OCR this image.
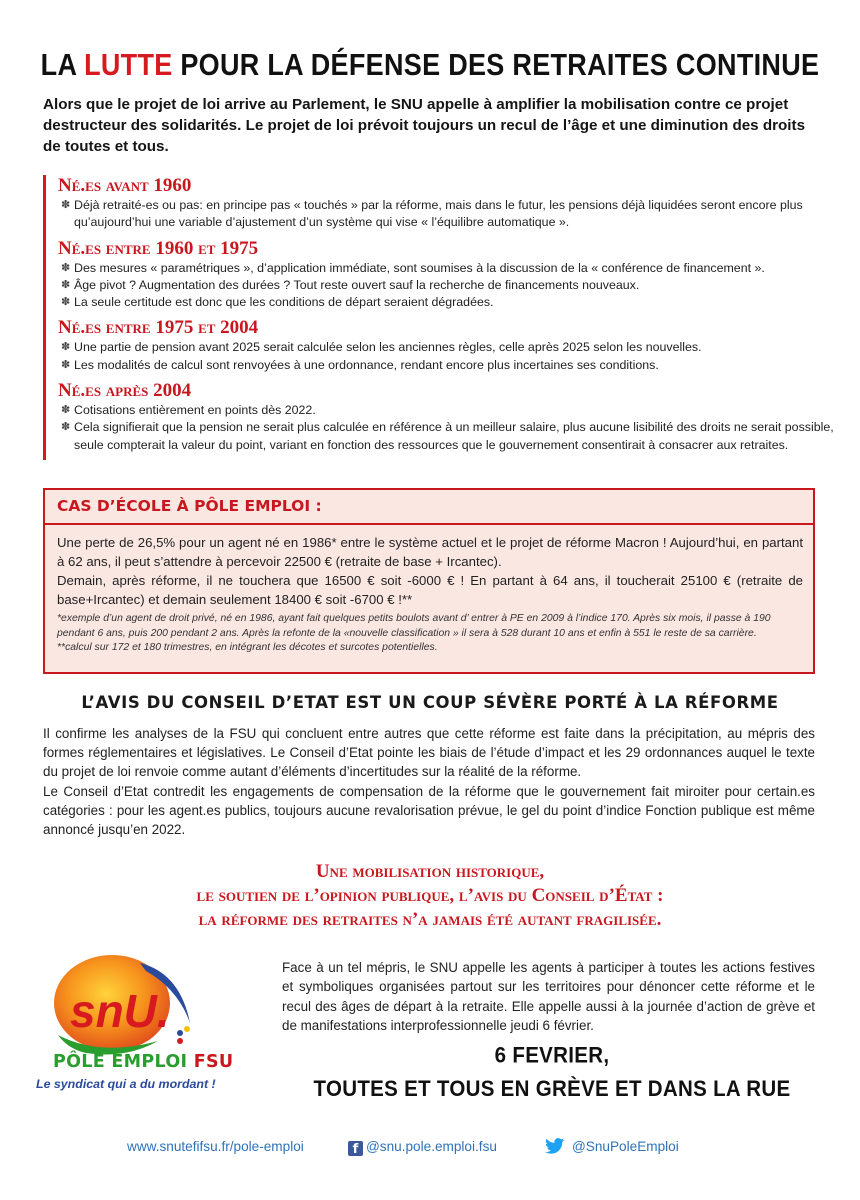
LA LUTTE POUR LA DÉFENSE DES RETRAITES CONTINUE
Alors que le projet de loi arrive au Parlement, le SNU appelle à amplifier la mobilisation contre ce projet destructeur des solidarités. Le projet de loi prévoit toujours un recul de l’âge et une diminution des droits de toutes et tous.

Né.es avant 1960

✽ Déjà retraité-es ou pas: en principe pas « touchés » par la réforme, mais dans le futur, les pensions déjà liquidées seront encore plus qu’aujourd’hui une variable d’ajustement d’un système qui vise « l’équilibre automatique ».

Né.es entre 1960 et 1975

✽ Des mesures « paramétriques », d’application immédiate, sont soumises à la discussion de la « conférence de financement ».
✽ Âge pivot ? Augmentation des durées ? Tout reste ouvert sauf la recherche de financements nouveaux.
✽ La seule certitude est donc que les conditions de départ seraient dégradées.

Né.es entre 1975 et 2004

✽ Une partie de pension avant 2025 serait calculée selon les anciennes règles, celle après 2025 selon les nouvelles.
✽ Les modalités de calcul sont renvoyées à une ordonnance, rendant encore plus incertaines ses conditions.

Né.es après 2004

✽ Cotisations entièrement en points dès 2022.
✽ Cela signifierait que la pension ne serait plus calculée en référence à un meilleur salaire, plus aucune lisibilité des droits ne serait possible, seule compterait la valeur du point, variant en fonction des ressources que le gouvernement consentirait à consacrer aux retraites.
CAS D’ÉCOLE À PÔLE EMPLOI :

Une perte de 26,5% pour un agent né en 1986* entre le système actuel et le projet de réforme Macron ! Aujourd’hui, en partant à 62 ans, il peut s’attendre à percevoir 22500 € (retraite de base + Ircantec).

Demain, après réforme, il ne touchera que 16500 € soit -6000 € ! En partant à 64 ans, il toucherait 25100 € (retraite de base+Ircantec) et demain seulement 18400 € soit -6700 € !**

*exemple d’un agent de droit privé, né en 1986, ayant fait quelques petits boulots avant d’ entrer à PE en 2009 à l’indice 170. Après six mois, il passe à 190 pendant 6 ans, puis 200 pendant 2 ans. Après la refonte de la «nouvelle classification » il sera à 528 durant 10 ans et enfin à 551 le reste de sa carrière.

**calcul sur 172 et 180 trimestres, en intégrant les décotes et surcotes potentielles.

L’AVIS DU CONSEIL D’ETAT EST UN COUP SÉVÈRE PORTÉ À LA RÉFORME

Il confirme les analyses de la FSU qui concluent entre autres que cette réforme est faite dans la précipitation, au mépris des formes réglementaires et législatives. Le Conseil d’Etat pointe les biais de l’étude d’impact et les 29 ordonnances auquel le texte du projet de loi renvoie comme autant d’éléments d’incertitudes sur la réalité de la réforme.

Le Conseil d’Etat contredit les engagements de compensation de la réforme que le gouvernement fait miroiter pour certain.es catégories : pour les agent.es publics, toujours aucune revalorisation prévue, le gel du point d’indice Fonction publique est même annoncé jusqu’en 2022.

Une mobilisation historique,
le soutien de l’opinion publique, l’avis du Conseil d’État :
la réforme des retraites n’a jamais été autant fragilisée.
snU.
PÔLE EMPLOI FSU
Le syndicat qui a du mordant !

Face à un tel mépris, le SNU appelle les agents à participer à toutes les actions festives et symboliques organisées partout sur les territoires pour dénoncer cette réforme et le recul des âges de départ à la retraite. Elle appelle aussi à la journée d’action de grève et de manifestations interprofessionnelle jeudi 6 février.

6 FEVRIER,
TOUTES ET TOUS EN GRÈVE ET DANS LA RUE
www.snutefifsu.fr/pole-emploi	f @snu.pole.emploi.fsu	@SnuPoleEmploi
